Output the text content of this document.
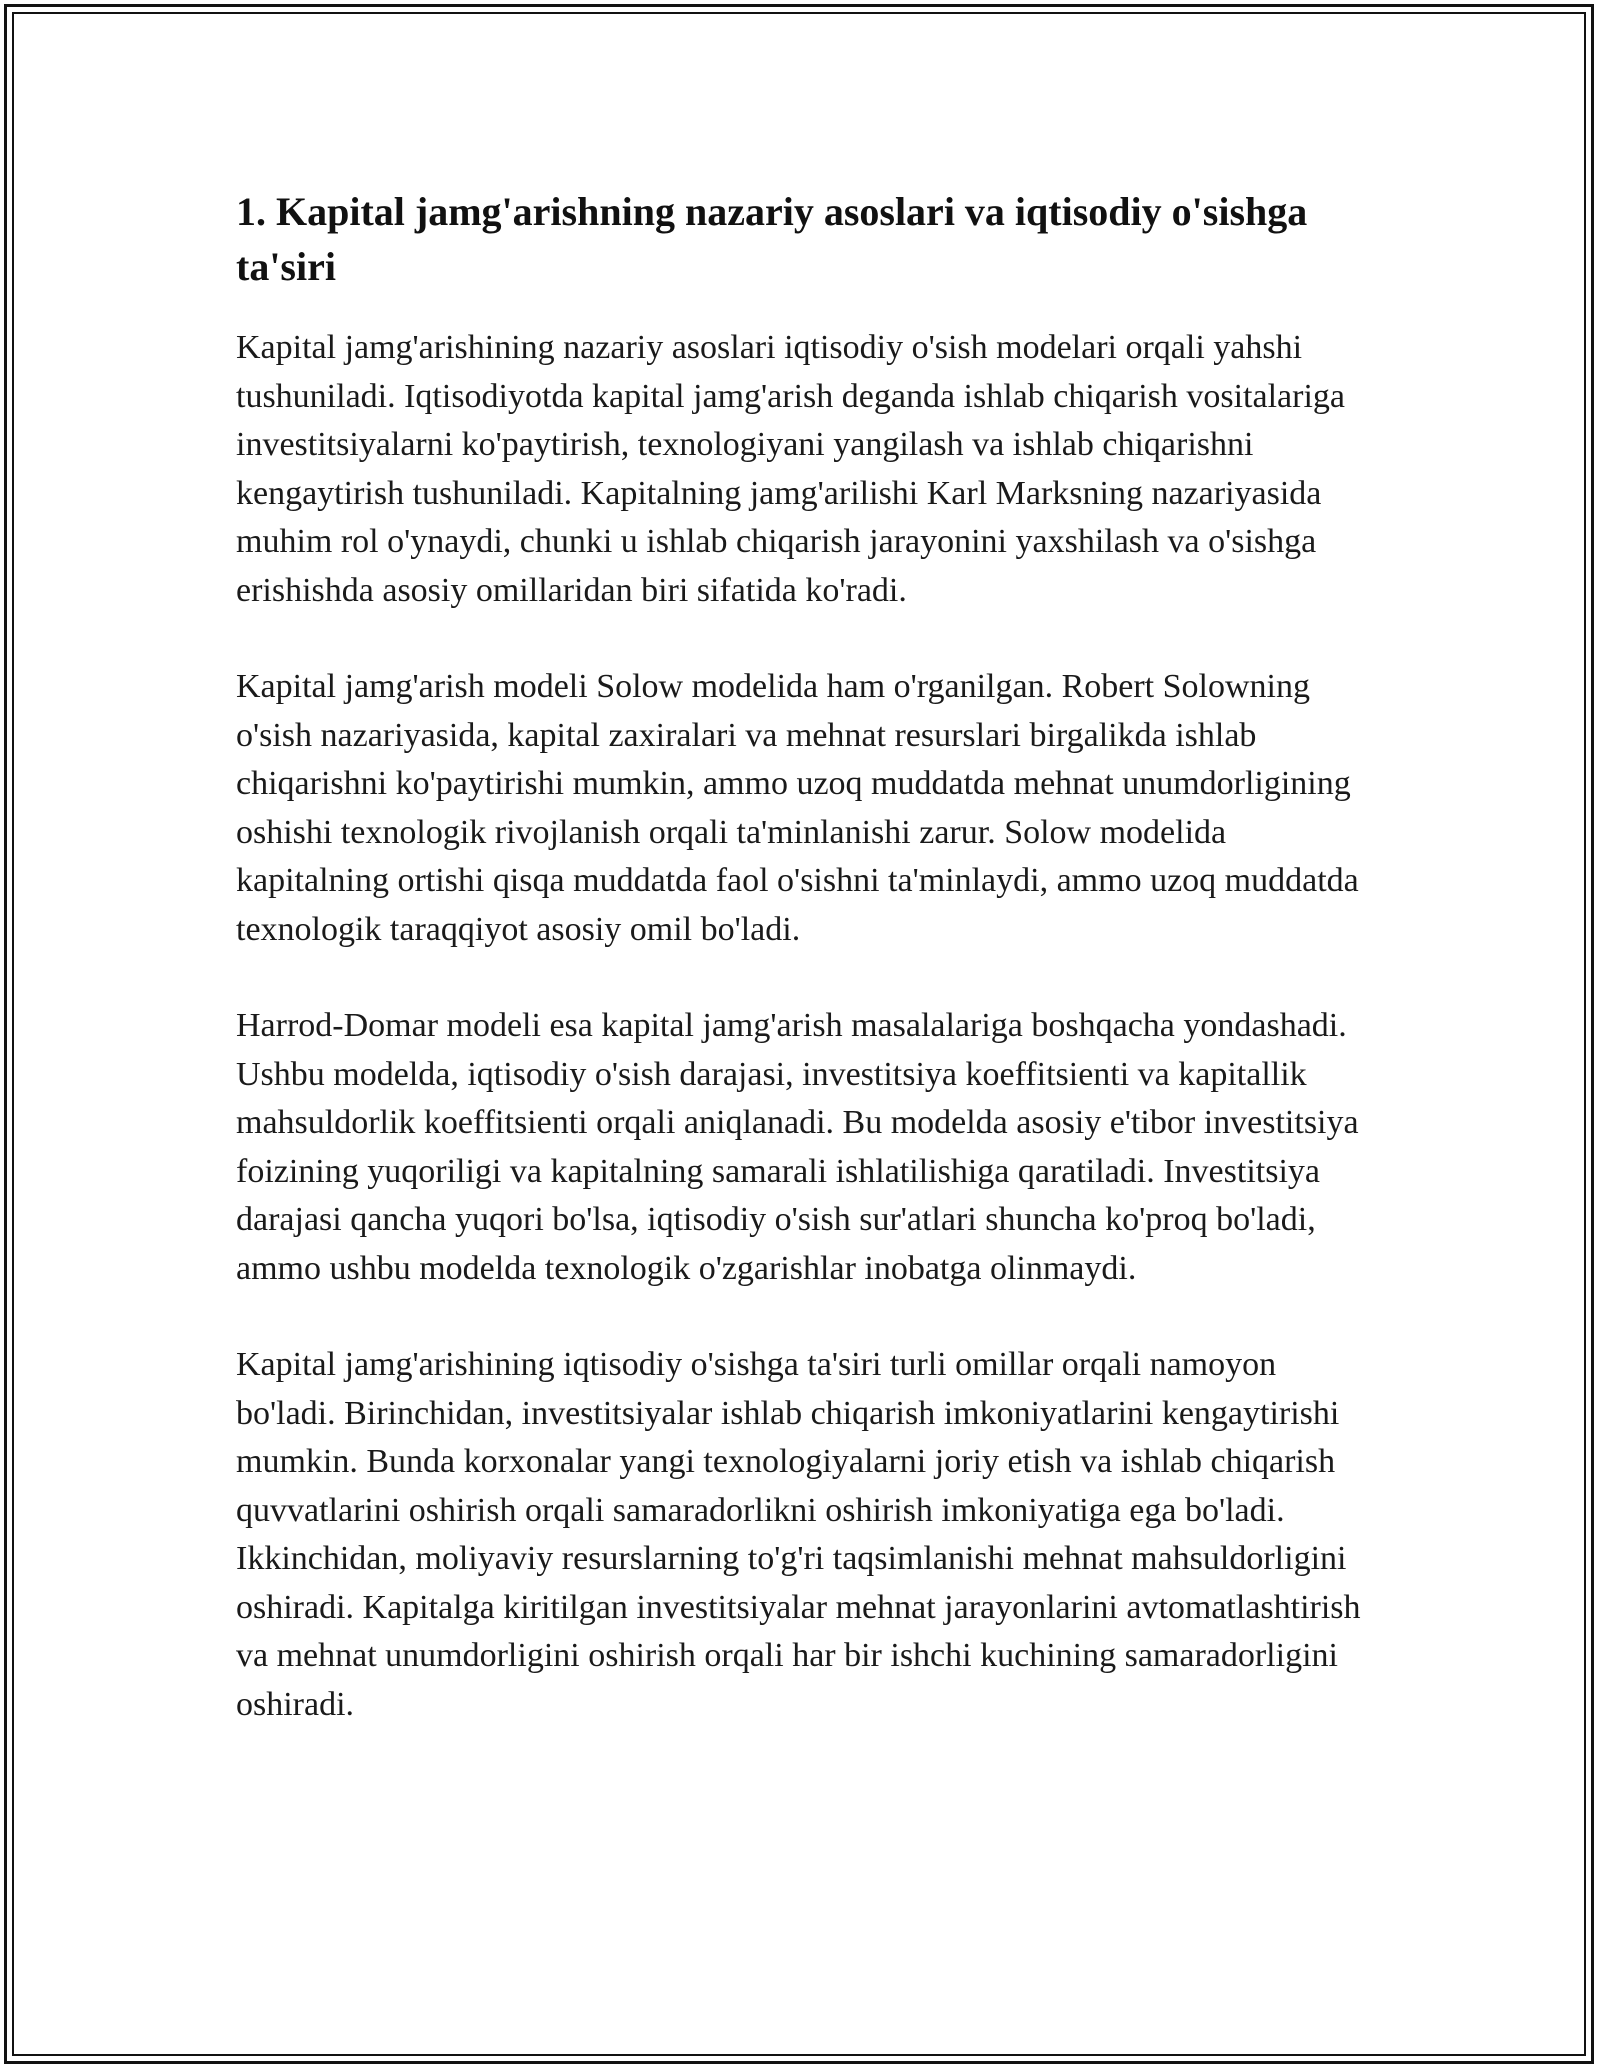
1. Kapital jamg'arishning nazariy asoslari va iqtisodiy o'sishga ta'siri

Kapital jamg'arishining nazariy asoslari iqtisodiy o'sish modelari orqali yahshi tushuniladi. Iqtisodiyotda kapital jamg'arish deganda ishlab chiqarish vositalariga investitsiyalarni ko'paytirish, texnologiyani yangilash va ishlab chiqarishni kengaytirish tushuniladi. Kapitalning jamg'arilishi Karl Marksning nazariyasida muhim rol o'ynaydi, chunki u ishlab chiqarish jarayonini yaxshilash va o'sishga erishishda asosiy omillaridan biri sifatida ko'radi.

Kapital jamg'arish modeli Solow modelida ham o'rganilgan. Robert Solowning o'sish nazariyasida, kapital zaxiralari va mehnat resurslari birgalikda ishlab chiqarishni ko'paytirishi mumkin, ammo uzoq muddatda mehnat unumdorligining oshishi texnologik rivojlanish orqali ta'minlanishi zarur. Solow modelida kapitalning ortishi qisqa muddatda faol o'sishni ta'minlaydi, ammo uzoq muddatda texnologik taraqqiyot asosiy omil bo'ladi.

Harrod-Domar modeli esa kapital jamg'arish masalalariga boshqacha yondashadi. Ushbu modelda, iqtisodiy o'sish darajasi, investitsiya koeffitsienti va kapitallik mahsuldorlik koeffitsienti orqali aniqlanadi. Bu modelda asosiy e'tibor investitsiya foizining yuqoriligi va kapitalning samarali ishlatilishiga qaratiladi. Investitsiya darajasi qancha yuqori bo'lsa, iqtisodiy o'sish sur'atlari shuncha ko'proq bo'ladi, ammo ushbu modelda texnologik o'zgarishlar inobatga olinmaydi.

Kapital jamg'arishining iqtisodiy o'sishga ta'siri turli omillar orqali namoyon bo'ladi. Birinchidan, investitsiyalar ishlab chiqarish imkoniyatlarini kengaytirishi mumkin. Bunda korxonalar yangi texnologiyalarni joriy etish va ishlab chiqarish quvvatlarini oshirish orqali samaradorlikni oshirish imkoniyatiga ega bo'ladi. Ikkinchidan, moliyaviy resurslarning to'g'ri taqsimlanishi mehnat mahsuldorligini oshiradi. Kapitalga kiritilgan investitsiyalar mehnat jarayonlarini avtomatlashtirish va mehnat unumdorligini oshirish orqali har bir ishchi kuchining samaradorligini oshiradi.
